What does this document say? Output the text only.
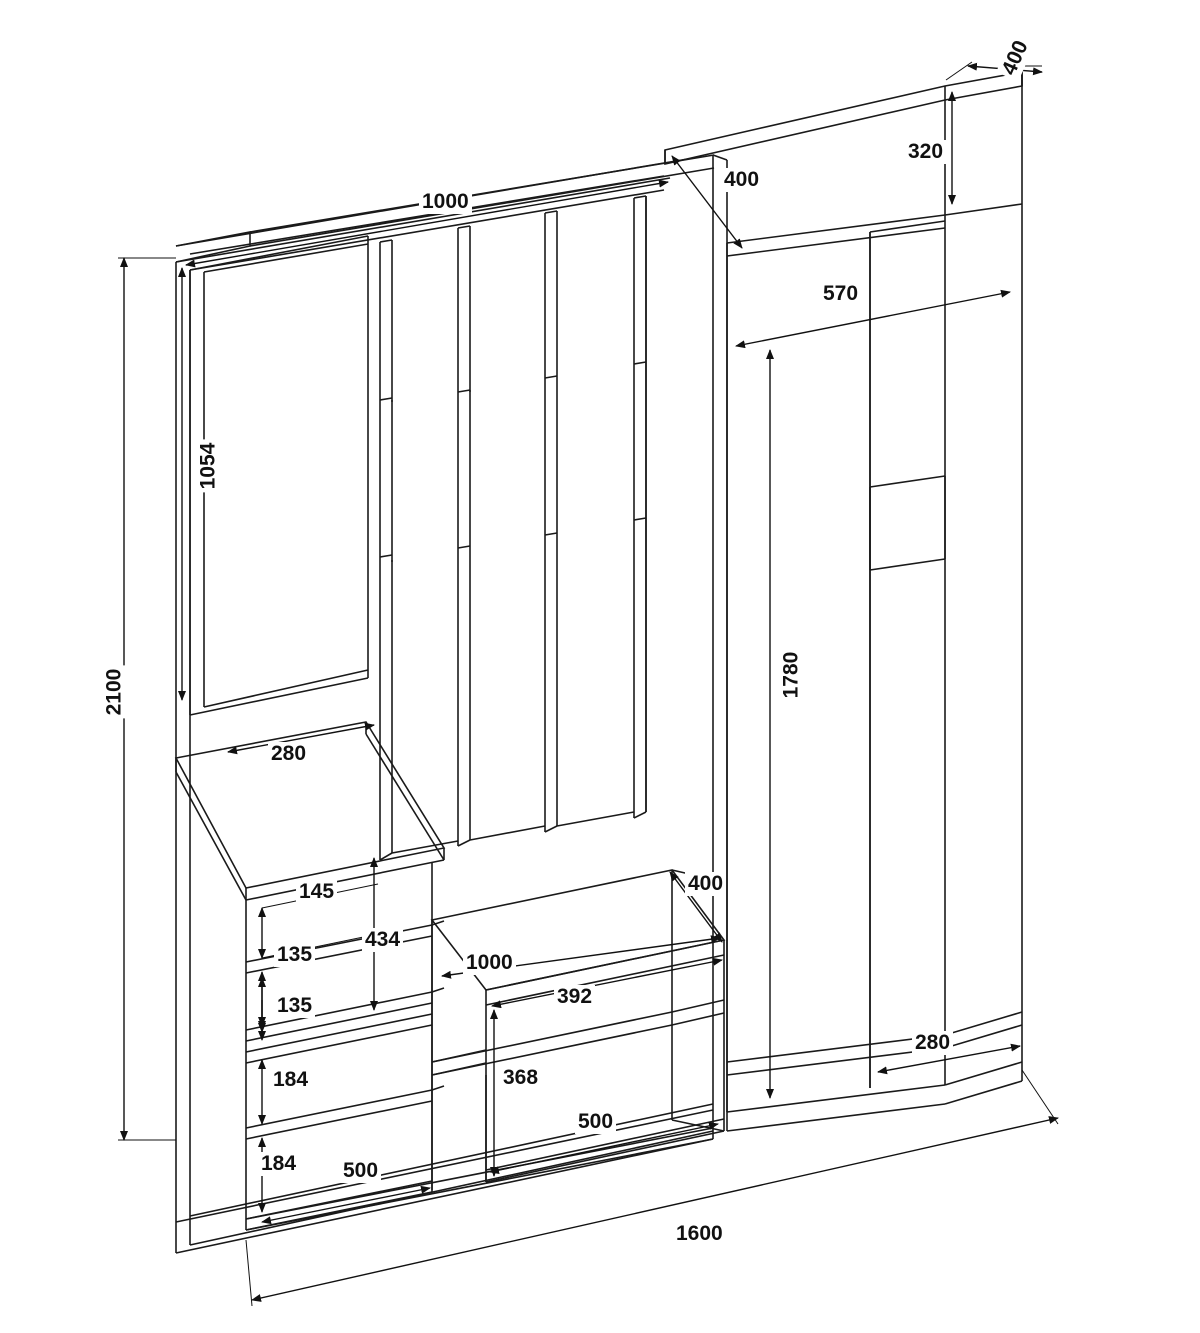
2100
1600
400
320
400
1000
1054
570
1780
280
145
135
434
135
184
184
400
1000
392
368
500
500
280
